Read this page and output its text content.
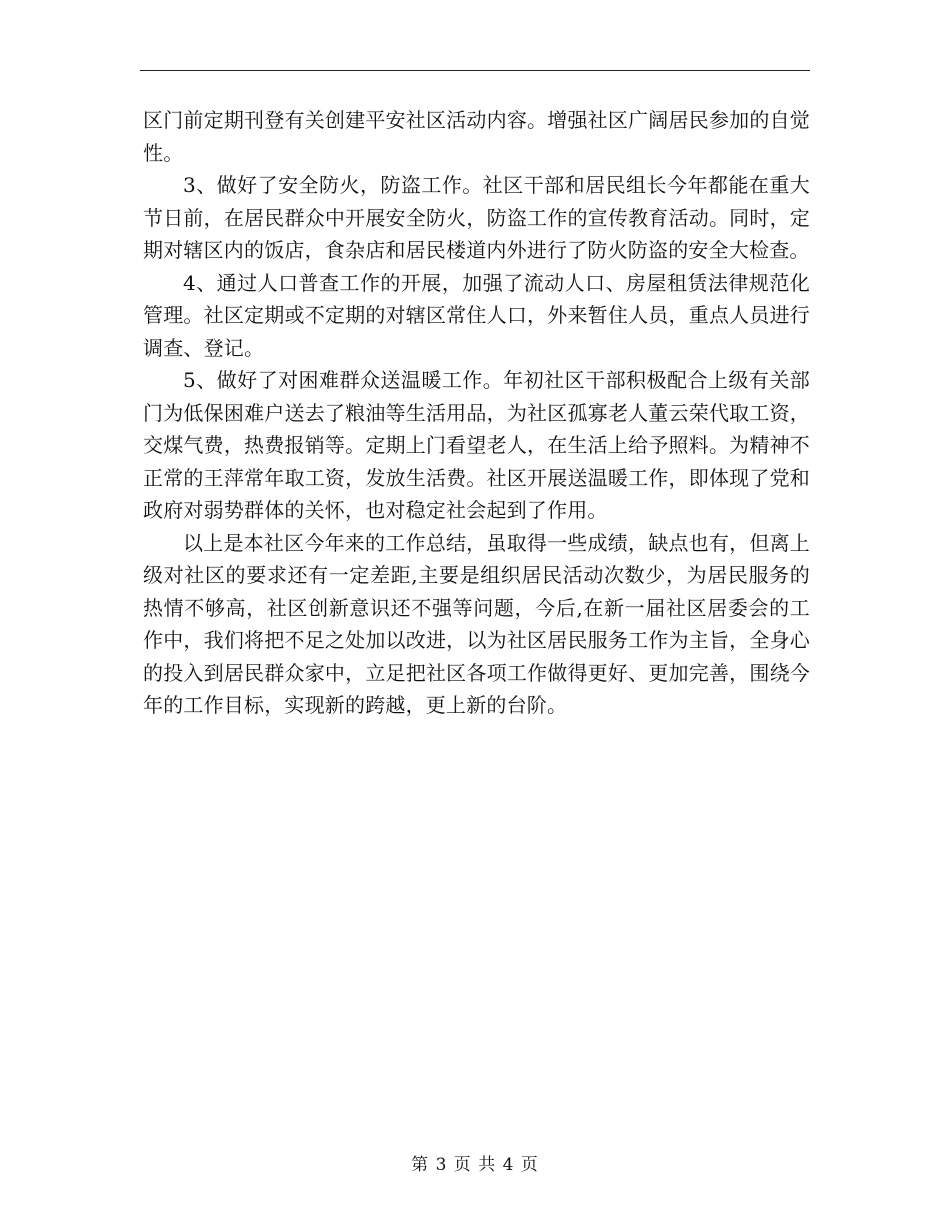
区门前定期刊登有关创建平安社区活动内容。增强社区广阔居民参加的自觉性。

3、做好了安全防火，防盗工作。社区干部和居民组长今年都能在重大节日前，在居民群众中开展安全防火，防盗工作的宣传教育活动。同时，定期对辖区内的饭店，食杂店和居民楼道内外进行了防火防盗的安全大检查。

4、通过人口普查工作的开展，加强了流动人口、房屋租赁法律规范化管理。社区定期或不定期的对辖区常住人口，外来暂住人员，重点人员进行调查、登记。

5、做好了对困难群众送温暖工作。年初社区干部积极配合上级有关部门为低保困难户送去了粮油等生活用品，为社区孤寡老人董云荣代取工资，交煤气费，热费报销等。定期上门看望老人，在生活上给予照料。为精神不正常的王萍常年取工资，发放生活费。社区开展送温暖工作，即体现了党和政府对弱势群体的关怀，也对稳定社会起到了作用。

以上是本社区今年来的工作总结，虽取得一些成绩，缺点也有，但离上级对社区的要求还有一定差距,主要是组织居民活动次数少，为居民服务的热情不够高，社区创新意识还不强等问题，今后,在新一届社区居委会的工作中，我们将把不足之处加以改进，以为社区居民服务工作为主旨，全身心的投入到居民群众家中，立足把社区各项工作做得更好、更加完善，围绕今年的工作目标，实现新的跨越，更上新的台阶。

第 3 页 共 4 页
